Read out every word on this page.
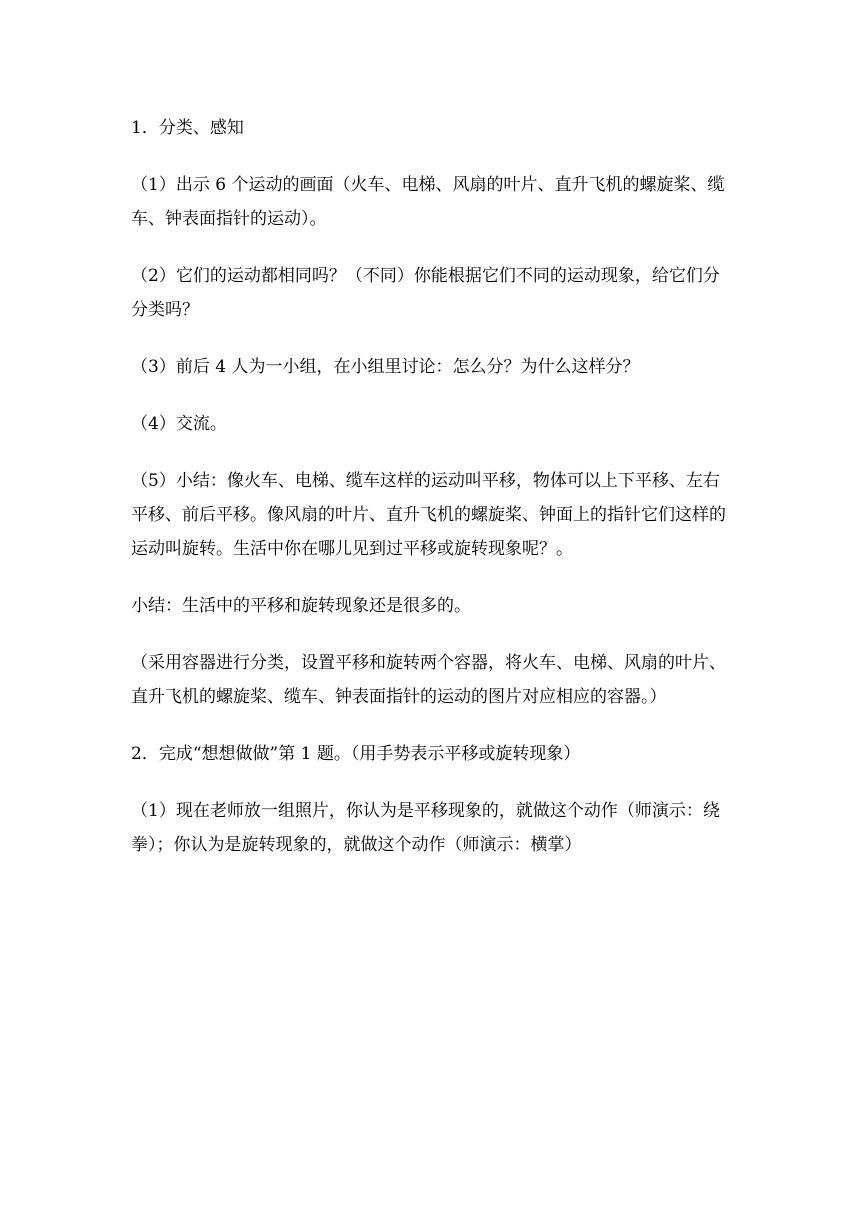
1．分类、感知

（1）出示 6 个运动的画面（火车、电梯、风扇的叶片、直升飞机的螺旋桨、缆车、钟表面指针的运动）。

（2）它们的运动都相同吗？（不同）你能根据它们不同的运动现象，给它们分分类吗？

（3）前后 4 人为一小组，在小组里讨论：怎么分？为什么这样分？

（4）交流。

（5）小结：像火车、电梯、缆车这样的运动叫平移，物体可以上下平移、左右平移、前后平移。像风扇的叶片、直升飞机的螺旋桨、钟面上的指针它们这样的运动叫旋转。生活中你在哪儿见到过平移或旋转现象呢？。

小结：生活中的平移和旋转现象还是很多的。

（采用容器进行分类，设置平移和旋转两个容器，将火车、电梯、风扇的叶片、直升飞机的螺旋桨、缆车、钟表面指针的运动的图片对应相应的容器。）

2．完成“想想做做”第 1 题。（用手势表示平移或旋转现象）

（1）现在老师放一组照片，你认为是平移现象的，就做这个动作（师演示：绕拳）；你认为是旋转现象的，就做这个动作（师演示：横掌）
